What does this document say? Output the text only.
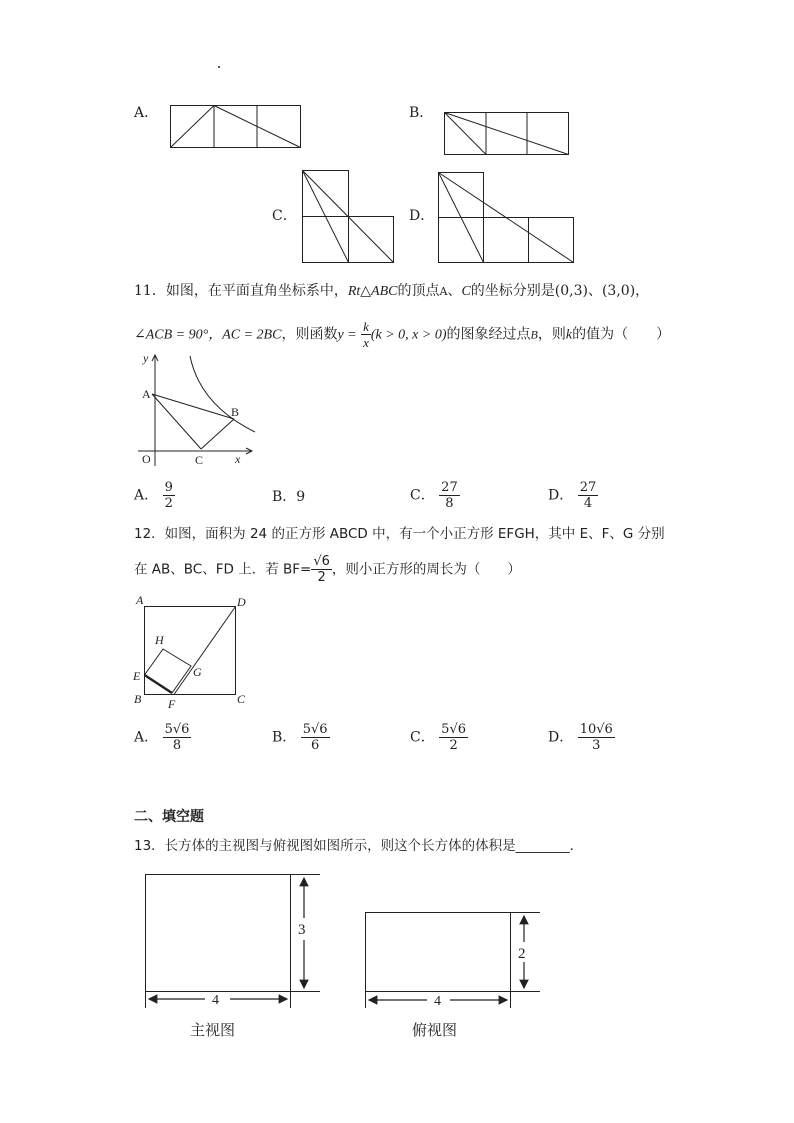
A．	B．
C．	D．
11．如图，在平面直角坐标系中，Rt△ABC的顶点A、C的坐标分别是(0,3)、(3,0)，
∠ACB = 90°，AC = 2BC，则函数$y = \frac{k}{x} (k > 0$, x > 0)的图象经过点B，则k的值为（　　）
y
A
B
O	C	x
A． $\frac{9}{2}$	B．9	C． $\frac{27}{8}$	D． $\frac{27}{4}$
12．如图，面积为 24 的正方形 ABCD 中，有一个小正方形 EFGH，其中 E、F、G 分别
在 AB、BC、FD 上．若 $BF= \frac{√6}{2}$ ，则小正方形的周长为（　　）
A	D
H
G
E
B F	C
A． $\frac{5√6}{8}$	B． $\frac{5√6}{6}$	C． $\frac{5√6}{2}$	D． $\frac{10√6}{3}$
二、填空题
13．长方体的主视图与俯视图如图所示，则这个长方体的体积是________．
3
4
主视图
2
4
俯视图
